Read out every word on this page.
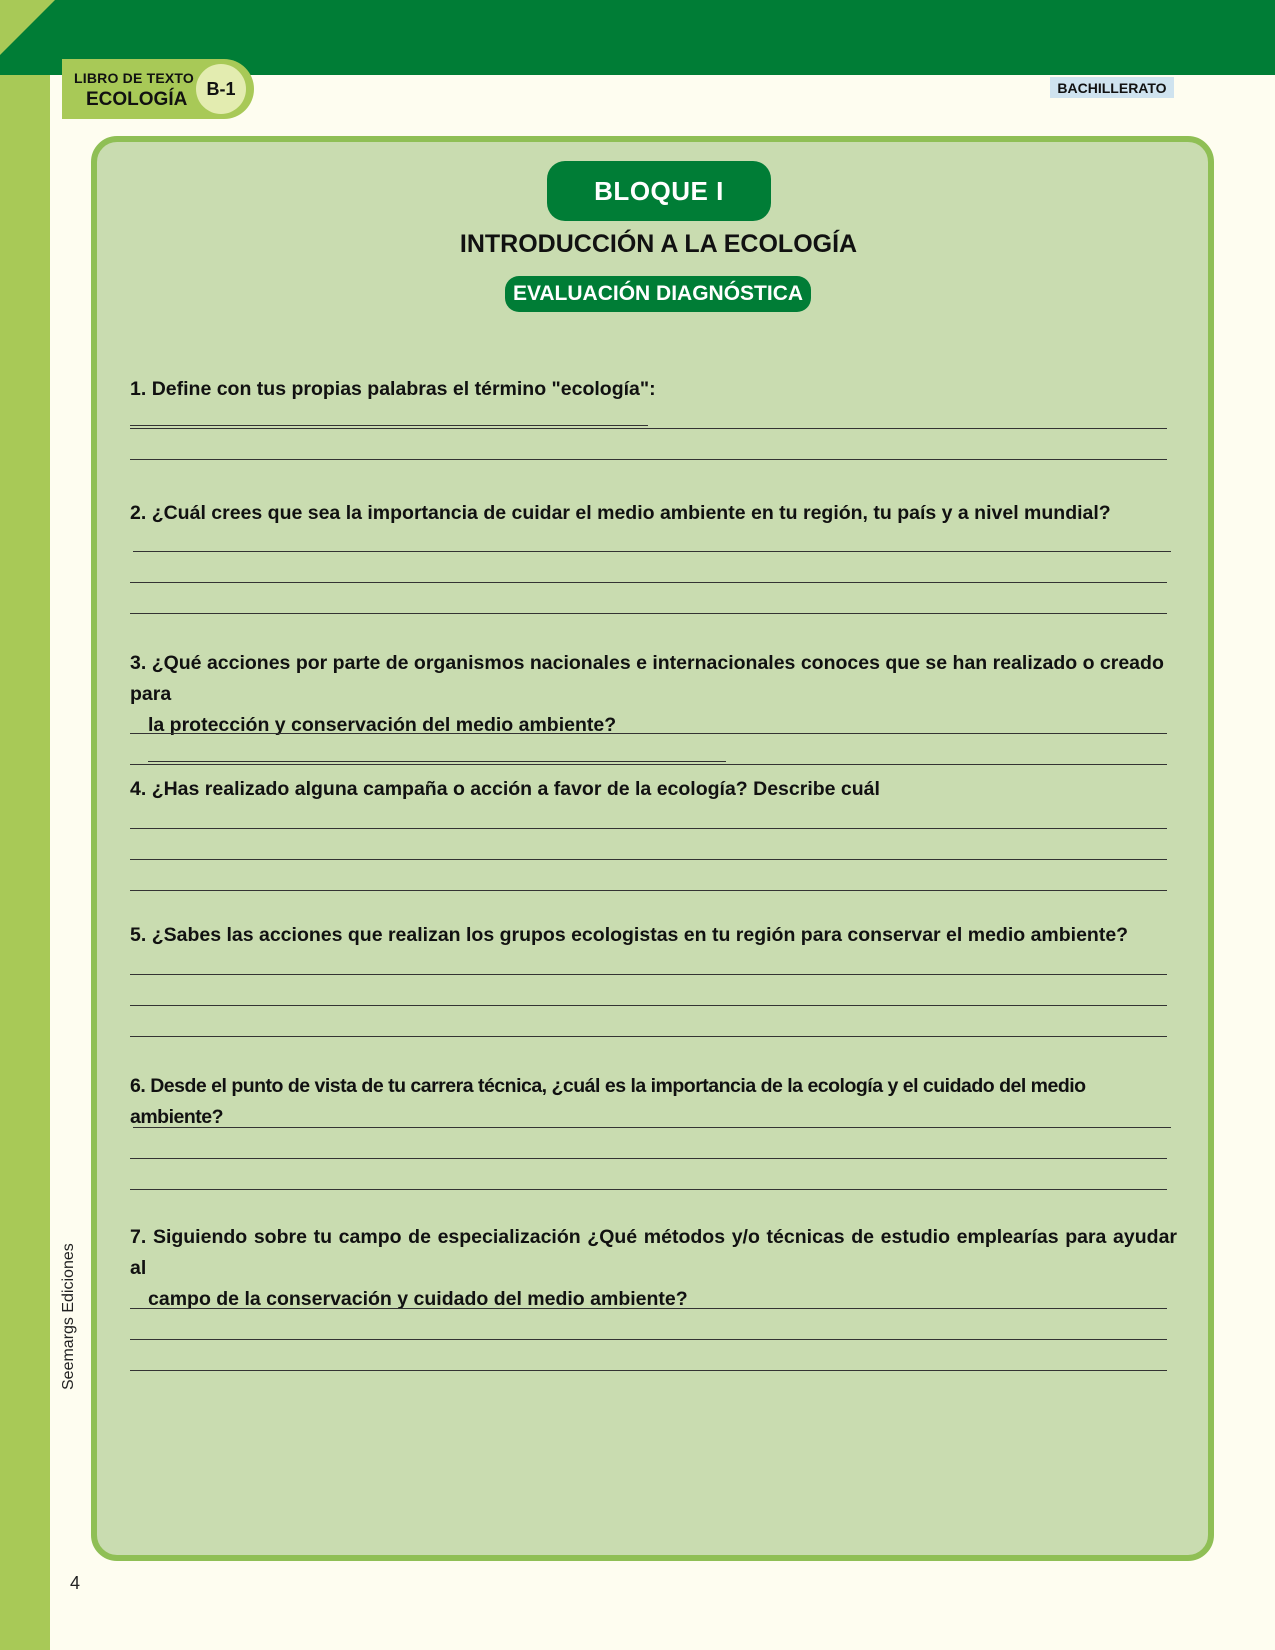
LIBRO DE TEXTO
ECOLOGÍA
B-1	BACHILLERATO
BLOQUE I
INTRODUCCIÓN A LA ECOLOGÍA
EVALUACIÓN DIAGNÓSTICA
1. Define con tus propias palabras el término "ecología":
2. ¿Cuál crees que sea la importancia de cuidar el medio ambiente en tu región, tu país y a nivel mundial?
3. ¿Qué acciones por parte de organismos nacionales e internacionales conoces que se han realizado o creado para
la protección y conservación del medio ambiente?
4. ¿Has realizado alguna campaña o acción a favor de la ecología? Describe cuál
5. ¿Sabes las acciones que realizan los grupos ecologistas en tu región para conservar el medio ambiente?
6. Desde el punto de vista de tu carrera técnica, ¿cuál es la importancia de la ecología y el cuidado del medio ambiente?
7. Siguiendo sobre tu campo de especialización ¿Qué métodos y/o técnicas de estudio emplearías para ayudar al
campo de la conservación y cuidado del medio ambiente?
Seemargs Ediciones
4
